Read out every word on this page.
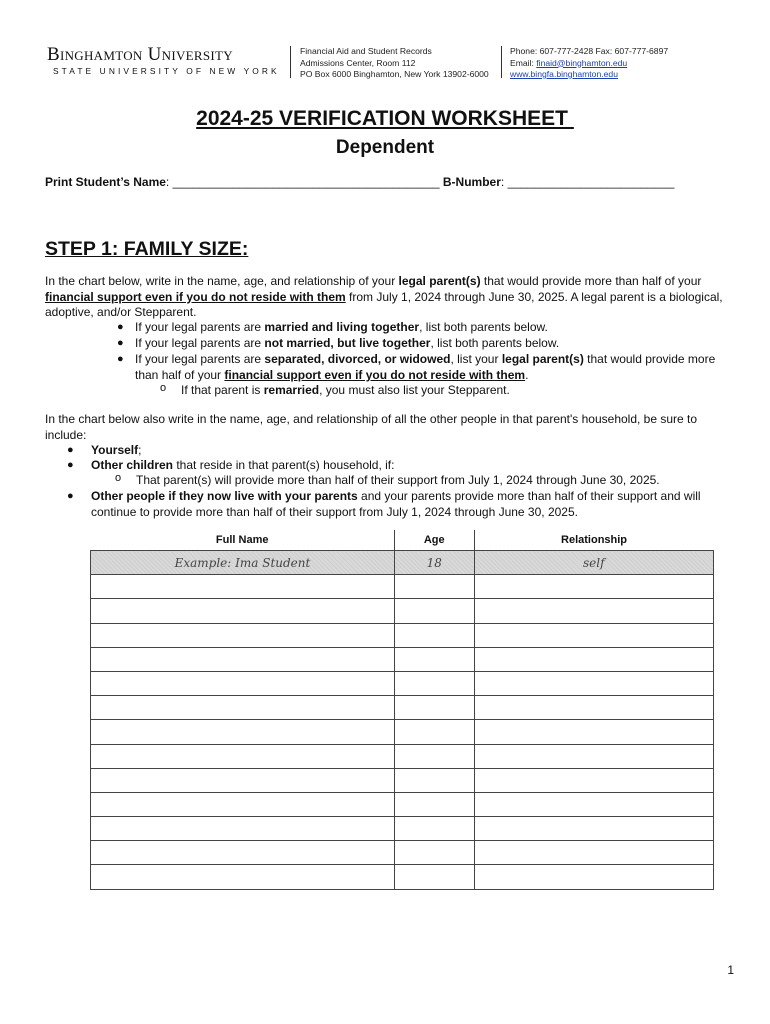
Binghamton University
STATE UNIVERSITY OF NEW YORK
Financial Aid and Student Records
Admissions Center, Room 112
PO Box 6000 Binghamton, New York 13902-6000
Phone: 607-777-2428 Fax: 607-777-6897
Email: finaid@binghamton.edu
www.bingfa.binghamton.edu
2024-25 VERIFICATION WORKSHEET
Dependent
Print Student’s Name: ________________________________________ B-Number: _________________________
STEP 1: FAMILY SIZE:
In the chart below, write in the name, age, and relationship of your legal parent(s) that would provide more than half of your financial support even if you do not reside with them from July 1, 2024 through June 30, 2025. A legal parent is a biological, adoptive, and/or Stepparent.
● If your legal parents are married and living together, list both parents below.
● If your legal parents are not married, but live together, list both parents below.
● If your legal parents are separated, divorced, or widowed, list your legal parent(s) that would provide more than half of your financial support even if you do not reside with them.
o If that parent is remarried, you must also list your Stepparent.
In the chart below also write in the name, age, and relationship of all the other people in that parent's household, be sure to include:
● Yourself;
● Other children that reside in that parent(s) household, if:
o That parent(s) will provide more than half of their support from July 1, 2024 through June 30, 2025.
● Other people if they now live with your parents and your parents provide more than half of their support and will continue to provide more than half of their support from July 1, 2024 through June 30, 2025.
Full Name	Age	Relationship
Example: Ima Student	18	self

1
